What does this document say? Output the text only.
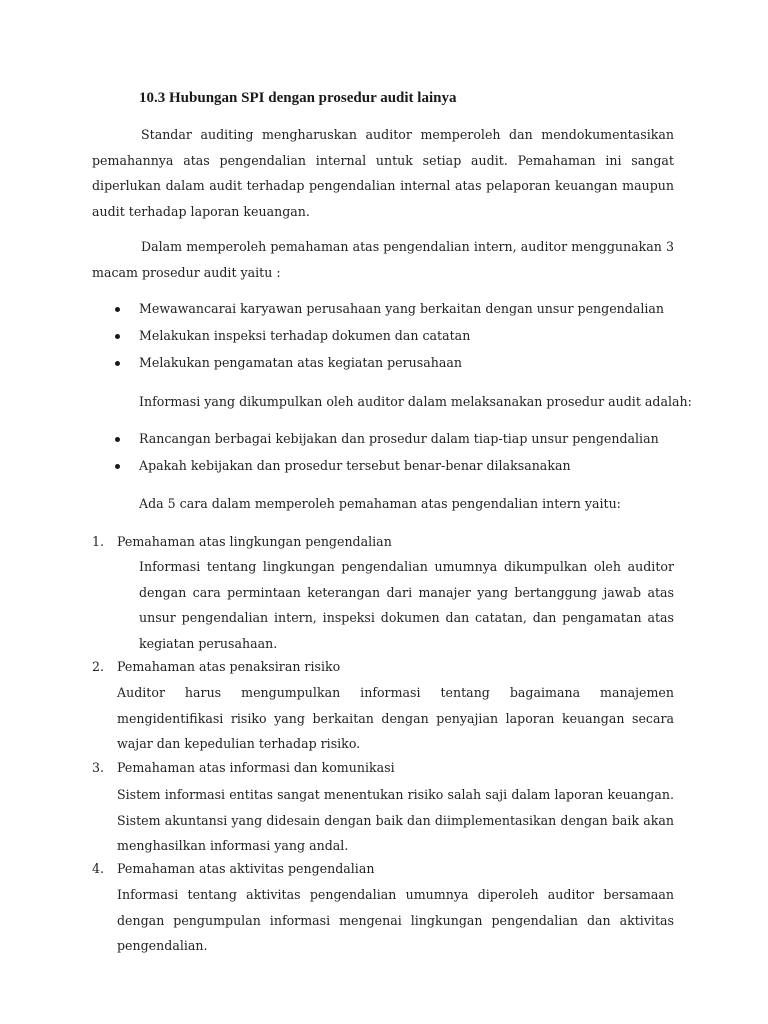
10.3 Hubungan SPI dengan prosedur audit lainya
Standar auditing mengharuskan auditor memperoleh dan mendokumentasikan pemahannya atas pengendalian internal untuk setiap audit. Pemahaman ini sangat diperlukan dalam audit terhadap pengendalian internal atas pelaporan keuangan maupun audit terhadap laporan keuangan.
Dalam memperoleh pemahaman atas pengendalian intern, auditor menggunakan 3 macam prosedur audit yaitu :
Mewawancarai karyawan perusahaan yang berkaitan dengan unsur pengendalian
Melakukan inspeksi terhadap dokumen dan catatan
Melakukan pengamatan atas kegiatan perusahaan
Informasi yang dikumpulkan oleh auditor dalam melaksanakan prosedur audit adalah:
Rancangan berbagai kebijakan dan prosedur dalam tiap-tiap unsur pengendalian
Apakah kebijakan dan prosedur tersebut benar-benar dilaksanakan
Ada 5 cara dalam memperoleh pemahaman atas pengendalian intern yaitu:
1. Pemahaman atas lingkungan pengendalian
Informasi tentang lingkungan pengendalian umumnya dikumpulkan oleh auditor dengan cara permintaan keterangan dari manajer yang bertanggung jawab atas unsur pengendalian intern, inspeksi dokumen dan catatan, dan pengamatan atas kegiatan perusahaan.
2. Pemahaman atas penaksiran risiko
Auditor harus mengumpulkan informasi tentang bagaimana manajemen mengidentifikasi risiko yang berkaitan dengan penyajian laporan keuangan secara wajar dan kepedulian terhadap risiko.
3. Pemahaman atas informasi dan komunikasi
Sistem informasi entitas sangat menentukan risiko salah saji dalam laporan keuangan. Sistem akuntansi yang didesain dengan baik dan diimplementasikan dengan baik akan menghasilkan informasi yang andal.
4. Pemahaman atas aktivitas pengendalian
Informasi tentang aktivitas pengendalian umumnya diperoleh auditor bersamaan dengan pengumpulan informasi mengenai lingkungan pengendalian dan aktivitas pengendalian.
